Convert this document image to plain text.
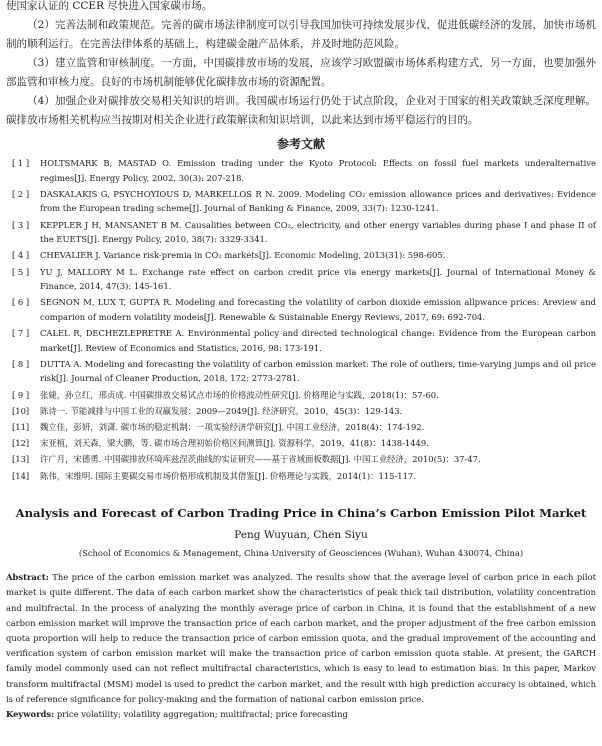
使国家认证的 CCER 尽快进入国家碳市场。

（2）完善法制和政策规范。完善的碳市场法律制度可以引导我国加快可持续发展步伐，促进低碳经济的发展，加快市场机制的顺利运行。在完善法律体系的基础上，构建碳金融产品体系，并及时地防范风险。

（3）建立监管和审核制度。一方面，中国碳排放市场的发展，应该学习欧盟碳市场体系构建方式，另一方面，也要加强外部监管和审核力度。良好的市场机制能够优化碳排放市场的资源配置。

（4）加强企业对碳排放交易相关知识的培训。我国碳市场运行仍处于试点阶段，企业对于国家的相关政策缺乏深度理解。碳排放市场相关机构应当按期对相关企业进行政策解读和知识培训，以此来达到市场平稳运行的目的。

参考文献
[ 1 ]	HOLTSMARK B, MASTAD O. Emission trading under the Kyoto Protocol: Effects on fossil fuel markets underalternative regimes[J]. Energy Policy, 2002, 30(3): 207-218.
[ 2 ]	DASKALAKIS G, PSYCHOYIOUS D, MARKELLOS R N. 2009. Modeling CO₂ emission allowance prices and derivatives: Evidence from the European trading scheme[J]. Journal of Banking & Finance, 2009, 33(7): 1230-1241.
[ 3 ]	KEPPLER J H, MANSANET B M. Causalities between CO₂, electricity, and other energy variables during phase I and phase II of the EUETS[J]. Energy Policy, 2010, 38(7): 3329-3341.
[ 4 ]	CHEVALIER J. Variance risk-premia in CO₂ markets[J]. Economic Modeling, 2013(31): 598-605.
[ 5 ]	YU J, MALLORY M L. Exchange rate effect on carbon credit price via energy markets[J]. Journal of International Money & Finance, 2014, 47(3): 145-161.
[ 6 ]	SEGNON M, LUX T, GUPTA R. Modeling and forecasting the volatility of carbon dioxide emission allpwance prices: Areview and comparion of modern volatility modeis[J]. Renewable & Sustainable Energy Reviews, 2017, 69: 692-704.
[ 7 ]	CALEL R, DECHEZLEPRETRE A. Environmental policy and directed technological change: Evidence from the European carbon market[J]. Review of Economics and Statistics, 2016, 98: 173-191.
[ 8 ]	DUTTA A. Modeling and forecasting the volatility of carbon emission market: The role of outliers, time-varying jumps and oil price risk[J]. Journal of Cleaner Production, 2018, 172: 2773-2781.
[ 9 ]	张婕，孙立红，邢贞成. 中国碳排放交易试点市场的价格波动性研究[J]. 价格理论与实践，2018(1)：57-60.
[10]	陈诗一. 节能减排与中国工业的双赢发展：2009—2049[J]. 经济研究，2010，45(3)：129-143.
[11]	魏立佳，彭妍，刘潇. 碳市场的稳定机制：一项实验经济学研究[J]. 中国工业经济，2018(4)：174-192.
[12]	宋亚植，刘天森，梁大鹏，等. 碳市场合理初始价格区间测算[J]. 资源科学，2019，41(8)：1438-1449.
[13]	许广月，宋德勇. 中国碳排放环境库兹涅茨曲线的实证研究——基于省域面板数据[J]. 中国工业经济，2010(5)：37-47.
[14]	陈伟，宋维明. 国际主要碳交易市场价格形成机制及其借鉴[J]. 价格理论与实践，2014(1)：115-117.
Analysis and Forecast of Carbon Trading Price in China’s Carbon Emission Pilot Market
Peng Wuyuan, Chen Siyu
(School of Economics & Management, China University of Geosciences (Wuhan), Wuhan 430074, China)

Abstract: The price of the carbon emission market was analyzed. The results show that the average level of carbon price in each pilot market is quite different. The data of each carbon market show the characteristics of peak thick tail distribution, volatility concentration and multifractal. In the process of analyzing the monthly average price of carbon in China, it is found that the establishment of a new carbon emission market will improve the transaction price of each carbon market, and the proper adjustment of the free carbon emission quota proportion will help to reduce the transaction price of carbon emission quota, and the gradual improvement of the accounting and verification system of carbon emission market will make the transaction price of carbon emission quota stable. At present, the GARCH family model commonly used can not reflect multifractal characteristics, which is easy to lead to estimation bias. In this paper, Markov transform multifractal (MSM) model is used to predict the carbon market, and the result with high prediction accuracy is obtained, which is of reference significance for policy-making and the formation of national carbon emission price.

Keywords: price volatility; volatility aggregation; multifractal; price forecasting
